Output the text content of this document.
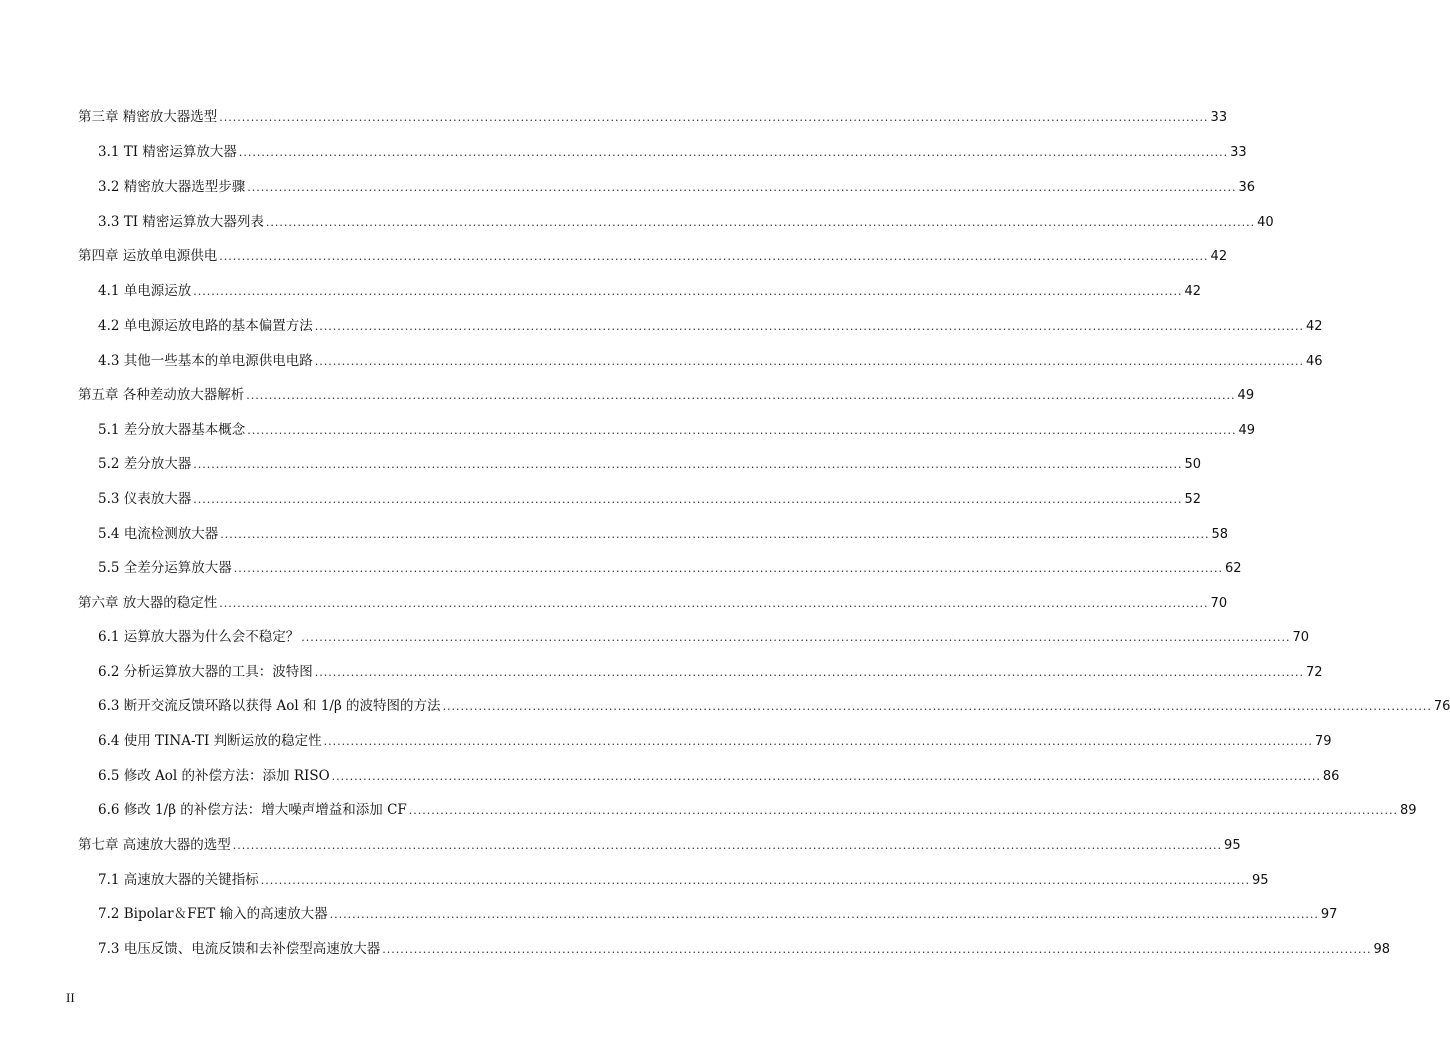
第三章 精密放大器选型 ............................................................................................................................................................................................................................ 33
3.1 TI 精密运算放大器 ............................................................................................................................................................................................................................ 33
3.2 精密放大器选型步骤 ............................................................................................................................................................................................................................ 36
3.3 TI 精密运算放大器列表 ............................................................................................................................................................................................................................ 40
第四章 运放单电源供电 ............................................................................................................................................................................................................................ 42
4.1 单电源运放 ............................................................................................................................................................................................................................ 42
4.2 单电源运放电路的基本偏置方法 ............................................................................................................................................................................................................................ 42
4.3 其他一些基本的单电源供电电路 ............................................................................................................................................................................................................................ 46
第五章 各种差动放大器解析 ............................................................................................................................................................................................................................ 49
5.1 差分放大器基本概念 ............................................................................................................................................................................................................................ 49
5.2 差分放大器 ............................................................................................................................................................................................................................ 50
5.3 仪表放大器 ............................................................................................................................................................................................................................ 52
5.4 电流检测放大器 ............................................................................................................................................................................................................................ 58
5.5 全差分运算放大器 ............................................................................................................................................................................................................................ 62
第六章 放大器的稳定性 ............................................................................................................................................................................................................................ 70
6.1 运算放大器为什么会不稳定？ ............................................................................................................................................................................................................................ 70
6.2 分析运算放大器的工具：波特图 ............................................................................................................................................................................................................................ 72
6.3 断开交流反馈环路以获得 Aol 和 1/β 的波特图的方法 ............................................................................................................................................................................................................................ 76
6.4 使用 TINA-TI 判断运放的稳定性 ............................................................................................................................................................................................................................ 79
6.5 修改 Aol 的补偿方法：添加 RISO ............................................................................................................................................................................................................................ 86
6.6 修改 1/β 的补偿方法：增大噪声增益和添加 CF ............................................................................................................................................................................................................................ 89
第七章 高速放大器的选型 ............................................................................................................................................................................................................................ 95
7.1 高速放大器的关键指标 ............................................................................................................................................................................................................................ 95
7.2 Bipolar＆FET 输入的高速放大器 ............................................................................................................................................................................................................................ 97
7.3 电压反馈、电流反馈和去补偿型高速放大器 ............................................................................................................................................................................................................................ 98
II
